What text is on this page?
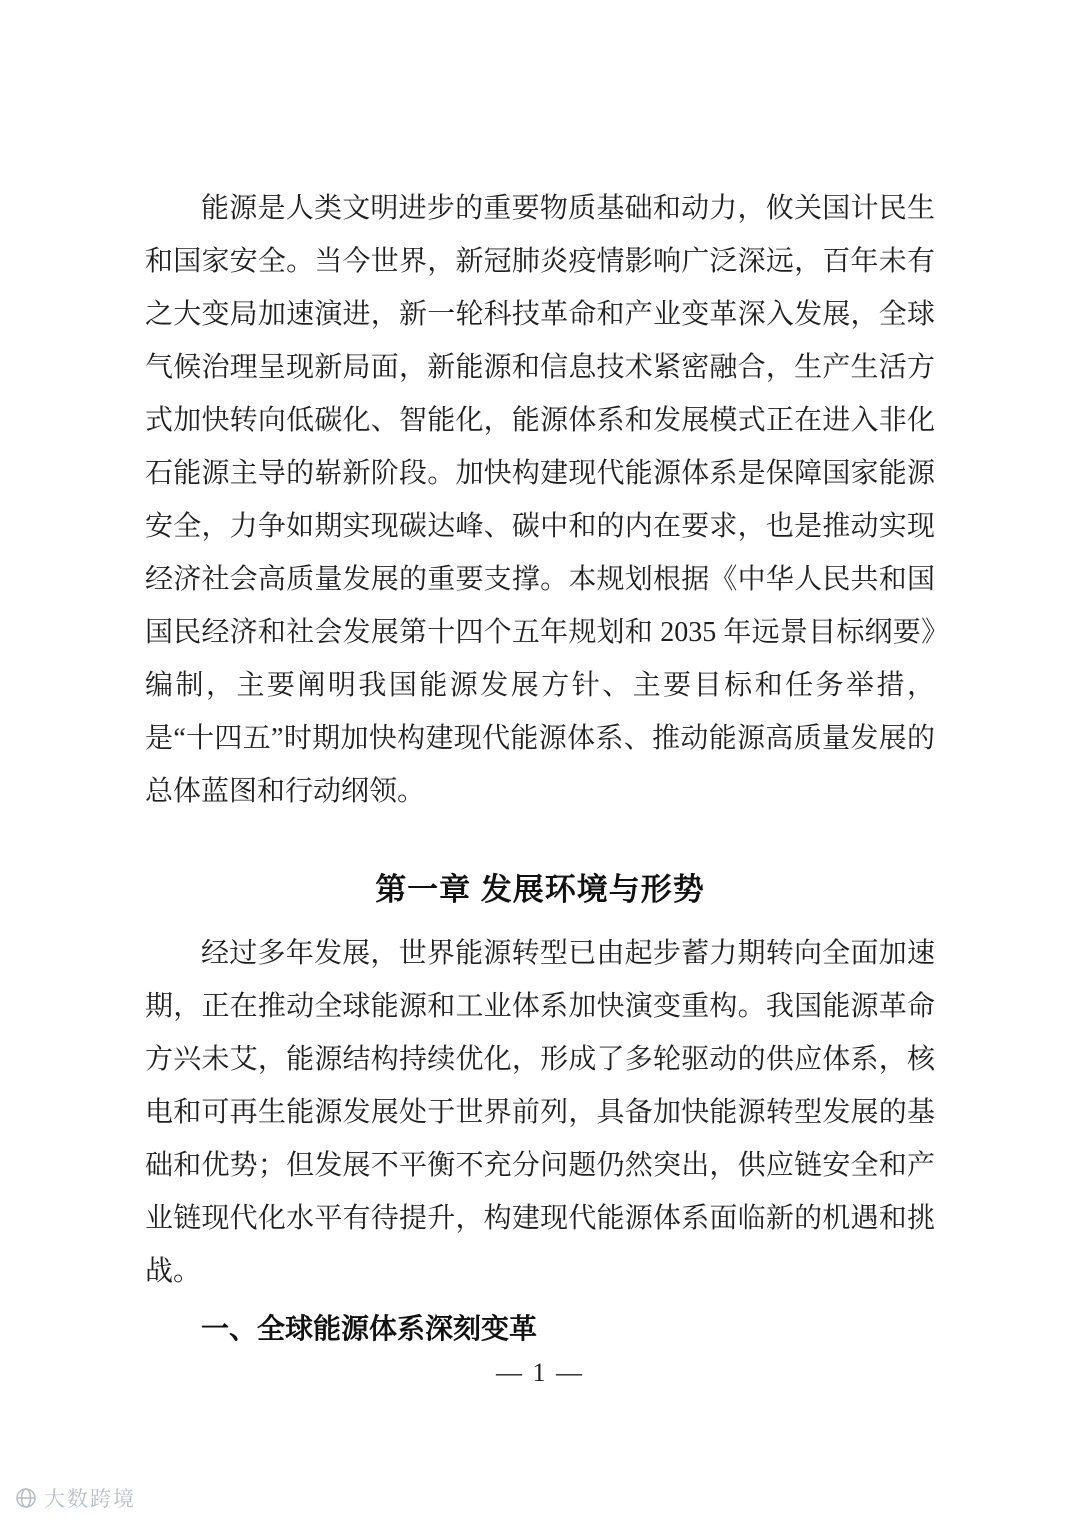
能源是人类文明进步的重要物质基础和动力，攸关国计民生和国家安全。当今世界，新冠肺炎疫情影响广泛深远，百年未有之大变局加速演进，新一轮科技革命和产业变革深入发展，全球气候治理呈现新局面，新能源和信息技术紧密融合，生产生活方式加快转向低碳化、智能化，能源体系和发展模式正在进入非化石能源主导的崭新阶段。加快构建现代能源体系是保障国家能源安全，力争如期实现碳达峰、碳中和的内在要求，也是推动实现经济社会高质量发展的重要支撑。本规划根据《中华人民共和国国民经济和社会发展第十四个五年规划和 2035 年远景目标纲要》编制，主要阐明我国能源发展方针、主要目标和任务举措，是“十四五”时期加快构建现代能源体系、推动能源高质量发展的总体蓝图和行动纲领。

第一章 发展环境与形势

经过多年发展，世界能源转型已由起步蓄力期转向全面加速期，正在推动全球能源和工业体系加快演变重构。我国能源革命方兴未艾，能源结构持续优化，形成了多轮驱动的供应体系，核电和可再生能源发展处于世界前列，具备加快能源转型发展的基础和优势；但发展不平衡不充分问题仍然突出，供应链安全和产业链现代化水平有待提升，构建现代能源体系面临新的机遇和挑战。

一、全球能源体系深刻变革
— 1 —
大数跨境
